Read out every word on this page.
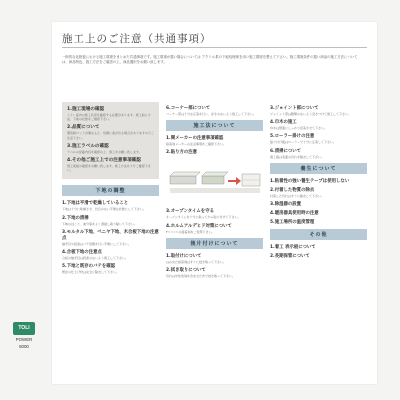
施工上のご注意（共通事項）
一般的な化粧板における施工環境をまとめた共通事項です。施工環境が悪い場合については アクリル系の下地処理剤を用い施工環境を整えて下さい。施工環境条件の悪い商品の施工方法については、商品特色、施工方法をご確認の上、商品選択をお願い致します。
1.施工現場の確認
トイレ室内の施工状況を確認する必要があります。施工前に寸法、下地の状態をご確認下さい。
2.品質について
製造時ロットが異なると、色調に差が出る場合がありますのでご注意下さい。
3.施工ラベルの確認
ラベルの記載内容を確認の上、施工をお願い致します。
4.その他ご施工上での注意事項確認
施工前後の確認をお願い致します。施工方法を十分ご確認下さい。
下地の調整
1.下地は平滑で乾燥していること
下地は十分に乾燥させ、凹凸のない平滑な状態にして下さい。
2.下地の清掃
下地のほこり、油分等をよく清掃し取り除いて下さい。
3.モルタル下地、ベニヤ下地、木合板下地の注意点
継ぎ目や段差はパテ処理を行い平滑にして下さい。
4.合板下地の注意点
合板の継ぎ目は段差のないよう施工して下さい。
5.下地と既存のバテを確認
既存の仕上げ材は完全に除去して下さい。
6.コーナー部について
コーナー部は十分な圧着を行い、浮きのないよう施工して下さい。
施工法について
1.関メーカーの注意事項確認
接着剤メーカーの注意事項をご確認下さい。
2.貼り方の注意
3.オープンタイムを守る
オープンタイムを十分に取ってから貼り付けて下さい。
4.ホルムアルデヒド対策について
F☆☆☆☆の接着剤をご使用下さい。
後片付けについて
1.取付けについて
はみ出た接着剤はすぐに拭き取って下さい。
2.拭き取りについて
汚れは中性洗剤を含ませた布で拭き取って下さい。
3.ジョイント部について
ジョイント部は隙間のないよう突きつけて施工して下さい。
4.巾木の施工
巾木は壁面にしっかり密着させて下さい。
5.ローラー掛けの注意
貼り付け後はローラーで十分に圧着して下さい。
6.清掃について
施工後は表面の汚れを除去して下さい。
養生について
1.粘着性の強い養生テープは使用しない
2.付着した物質の除去
付着した汚れはすぐに除去して下さい。
3.除湿器の設置
4.暖房器具使用時の注意
5.施工場所の温度管理
その他
1.着工 表示板について
2.長期保管について
TOLI
POWER
5000
